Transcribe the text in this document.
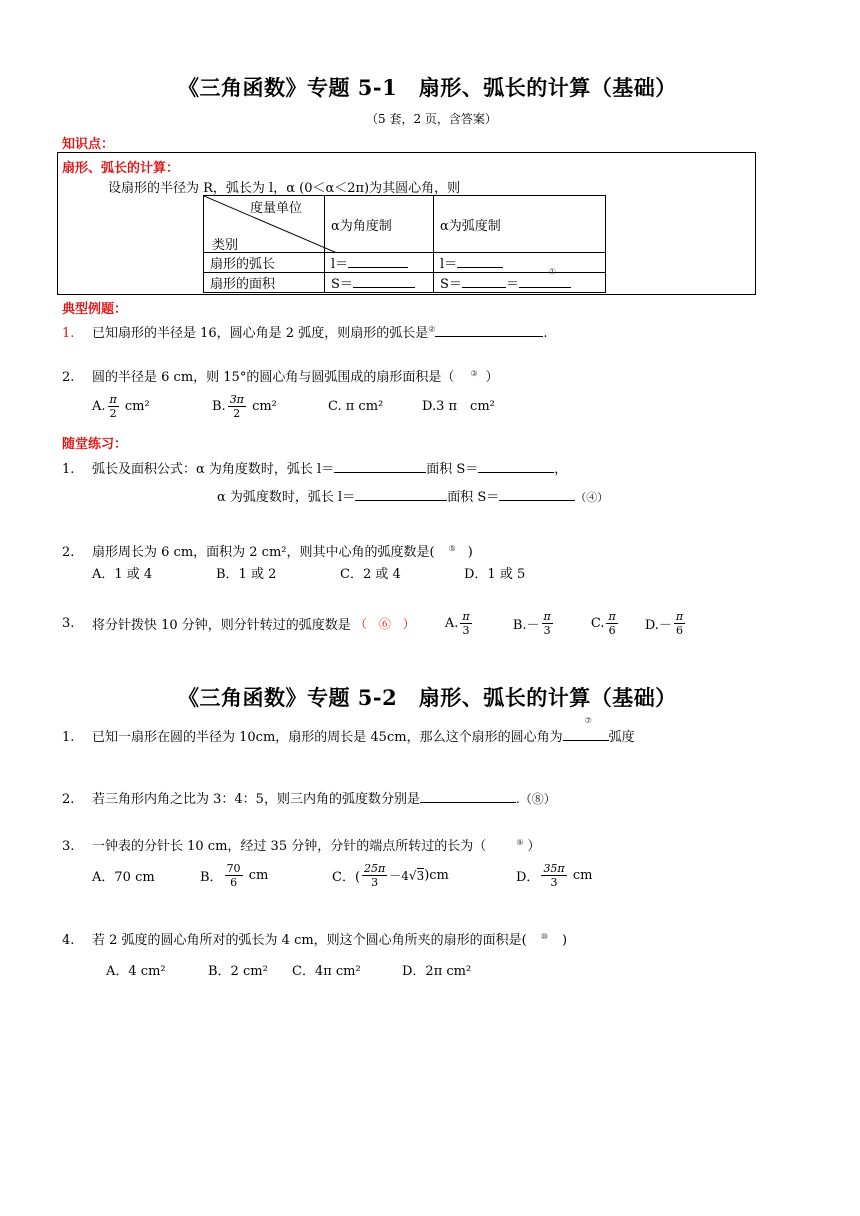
《三角函数》专题 5-1　扇形、弧长的计算（基础）
（5 套，2 页，含答案）
知识点：
扇形、弧长的计算：
设扇形的半径为 R，弧长为 l，α (0＜α＜2π)为其圆心角，则
度量单位
类别	α为角度制	α为弧度制
扇形的弧长	l＝	l＝
扇形的面积	S＝	S＝ ＝
①
典型例题：
1. 已知扇形的半径是 16，圆心角是 2 弧度，则扇形的弧长是②	.
2. 圆的半径是 6 cm，则 15°的圆心角与圆弧围成的扇形面积是（ ③ ）
A. $\frac{\pi}{2} cm^2$	B. $\frac{3\pi}{2} cm^2$	C. π cm²	D.3 π　cm²
随堂练习：
1. 弧长及面积公式：α 为角度数时，弧长 l＝	面积 S＝	，
α 为弧度数时，弧长 l＝	面积 S＝	（④）
2. 扇形周长为 6 cm，面积为 2 cm²，则其中心角的弧度数是( ⑤ )
A．1 或 4	B．1 或 2	C．2 或 4	D．1 或 5
3. 将分针拨快 10 分钟，则分针转过的弧度数是 （　⑥　） A. $\frac{\pi}{3}$	$B.- \frac{\pi}{3}$	C. $\frac{\pi}{6} D.- \frac{\pi}{6}$
《三角函数》专题 5-2　扇形、弧长的计算（基础）
1. 已知一扇形在圆的半径为 10cm，扇形的周长是 45cm，那么这个扇形的圆心角为
⑦
弧度
2. 若三角形内角之比为 3：4：5，则三内角的弧度数分别是	.（⑧）
3. 一钟表的分针长 10 cm，经过 35 分钟，分针的端点所转过的长为（	⑨ ）
A．70 cm	B． $\frac{70}{6}$ cm	C．( $\frac{25\pi}{3} -4√3)cm$	D． $\frac{35\pi}{3}$ cm
4. 若 2 弧度的圆心角所对的弧长为 4 cm，则这个圆心角所夹的扇形的面积是( ⑩ )
A．4 cm²	B．2 cm² C．4π cm²	D．2π cm²
